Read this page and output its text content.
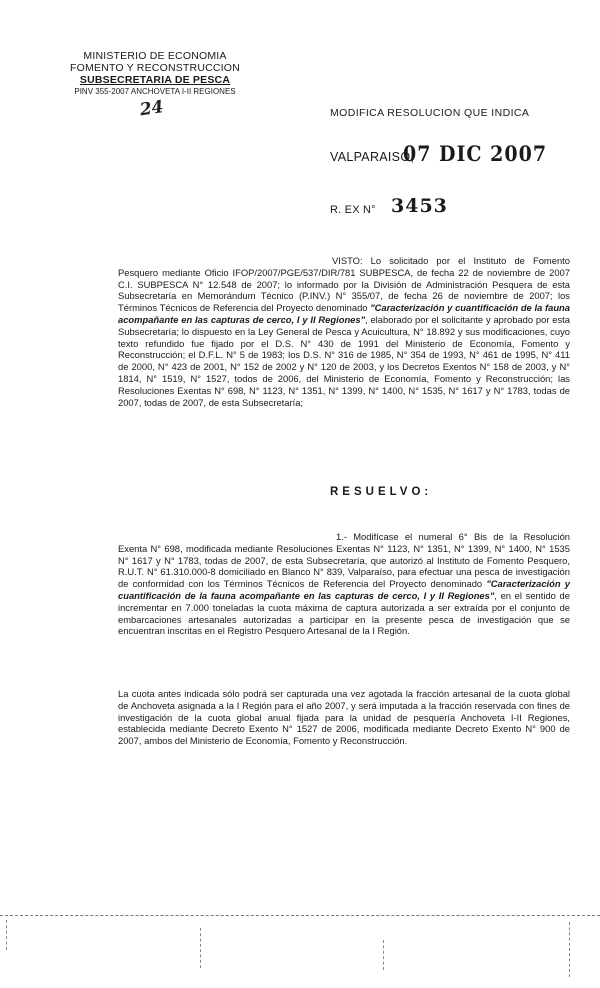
MINISTERIO DE ECONOMIA
FOMENTO Y RECONSTRUCCION
SUBSECRETARIA DE PESCA
PINV 355-2007 ANCHOVETA I-II REGIONES
24	MODIFICA RESOLUCION QUE INDICA
VALPARAISO,
07 DIC 2007
R. EX N° 3453
VISTO: Lo solicitado por el Instituto de Fomento Pesquero mediante Oficio IFOP/2007/PGE/537/DIR/781 SUBPESCA, de fecha 22 de noviembre de 2007 C.I. SUBPESCA N° 12.548 de 2007; lo informado por la División de Administración Pesquera de esta Subsecretaría en Memorándum Técnico (P.INV.) N° 355/07, de fecha 26 de noviembre de 2007; los Términos Técnicos de Referencia del Proyecto denominado "Caracterización y cuantificación de la fauna acompañante en las capturas de cerco, I y II Regiones", elaborado por el solicitante y aprobado por esta Subsecretaría; lo dispuesto en la Ley General de Pesca y Acuicultura, N° 18.892 y sus modificaciones, cuyo texto refundido fue fijado por el D.S. N° 430 de 1991 del Ministerio de Economía, Fomento y Reconstrucción; el D.F.L. N° 5 de 1983; los D.S. N° 316 de 1985, N° 354 de 1993, N° 461 de 1995, N° 411 de 2000, N° 423 de 2001, N° 152 de 2002 y N° 120 de 2003, y los Decretos Exentos N° 158 de 2003, y N° 1814, N° 1519, N° 1527, todos de 2006, del Ministerio de Economía, Fomento y Reconstrucción; las Resoluciones Exentas N° 698, N° 1123, N° 1351, N° 1399, N° 1400, N° 1535, N° 1617 y N° 1783, todas de 2007, todas de 2007, de esta Subsecretaría;
RESUELVO:
1.- Modifícase el numeral 6° Bis de la Resolución Exenta N° 698, modificada mediante Resoluciones Exentas N° 1123, N° 1351, N° 1399, N° 1400, N° 1535 N° 1617 y N° 1783, todas de 2007, de esta Subsecretaría, que autorizó al Instituto de Fomento Pesquero, R.U.T. N° 61.310.000-8 domiciliado en Blanco N° 839, Valparaíso, para efectuar una pesca de investigación de conformidad con los Términos Técnicos de Referencia del Proyecto denominado "Caracterización y cuantificación de la fauna acompañante en las capturas de cerco, I y II Regiones", en el sentido de incrementar en 7.000 toneladas la cuota máxima de captura autorizada a ser extraída por el conjunto de embarcaciones artesanales autorizadas a participar en la presente pesca de investigación que se encuentran inscritas en el Registro Pesquero Artesanal de la I Región.
La cuota antes indicada sólo podrá ser capturada una vez agotada la fracción artesanal de la cuota global de Anchoveta asignada a la I Región para el año 2007, y será imputada a la fracción reservada con fines de investigación de la cuota global anual fijada para la unidad de pesquería Anchoveta I-II Regiones, establecida mediante Decreto Exento N° 1527 de 2006, modificada mediante Decreto Exento N° 900 de 2007, ambos del Ministerio de Economía, Fomento y Reconstrucción.
